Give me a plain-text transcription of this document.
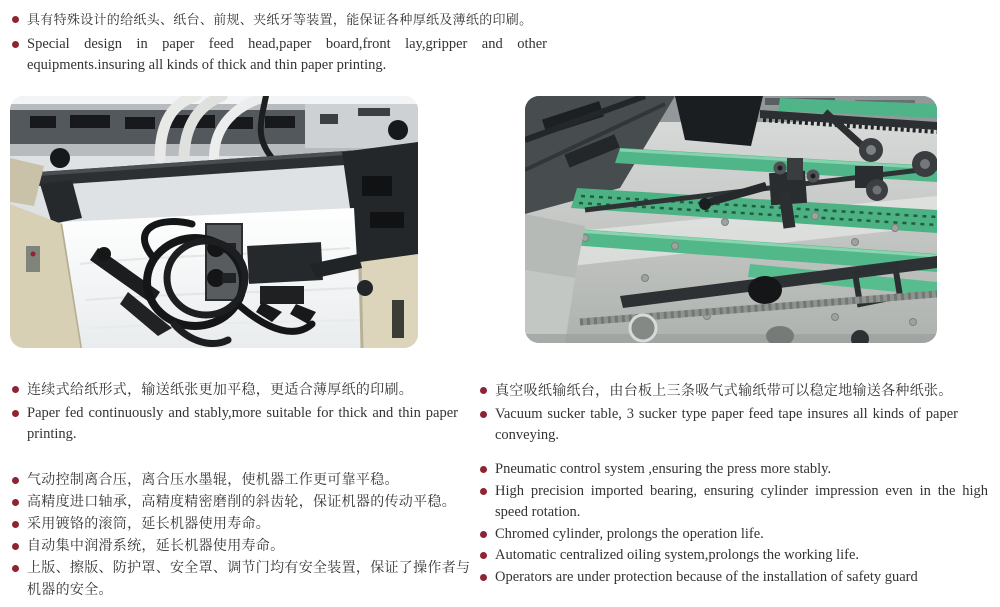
具有特殊设计的给纸头、纸台、前规、夹纸牙等装置，能保证各种厚纸及薄纸的印刷。

Special design in paper feed head,paper board,front lay,gripper and other equipments.insuring all kinds of thick and thin paper printing.

连续式给纸形式，输送纸张更加平稳，更适合薄厚纸的印刷。

Paper fed continuously and stably,more suitable for thick and thin paper printing.

真空吸纸输纸台，由台板上三条吸气式输纸带可以稳定地输送各种纸张。

Vacuum sucker table, 3 sucker type paper feed tape insures all kinds of paper conveying.

气动控制离合压，离合压水墨辊，使机器工作更可靠平稳。

高精度进口轴承，高精度精密磨削的斜齿轮，保证机器的传动平稳。

采用镀铬的滚筒，延长机器使用寿命。

自动集中润滑系统，延长机器使用寿命。

上版、擦版、防护罩、安全罩、调节门均有安全装置，保证了操作者与机器的安全。

Pneumatic control system ,ensuring the press more stably.

High precision imported bearing, ensuring cylinder impression even in the high speed rotation.

Chromed cylinder, prolongs the operation life.

Automatic centralized oiling system,prolongs the working life.

Operators are under protection because of the installation of safety guard
